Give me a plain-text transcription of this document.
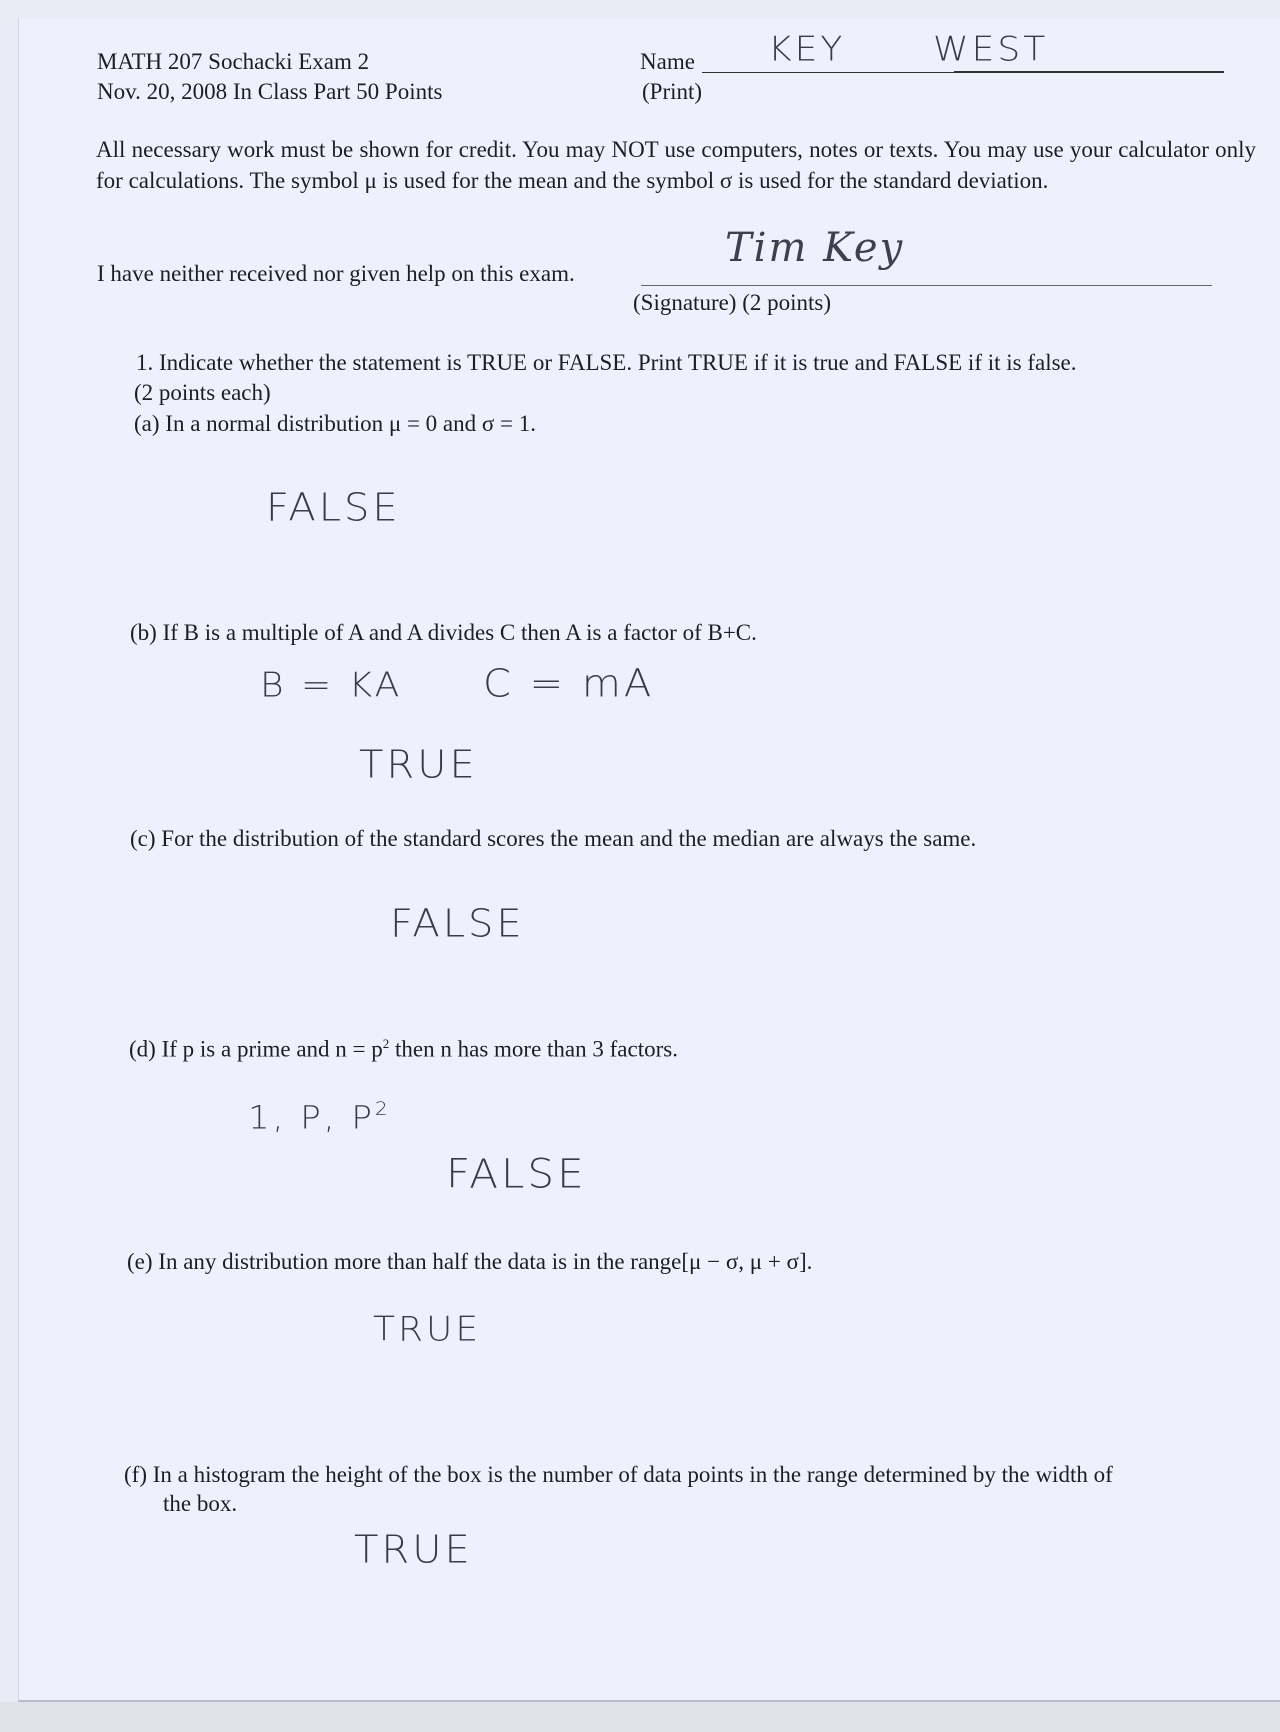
MATH 207 Sochacki Exam 2
Nov. 20, 2008 In Class Part 50 Points
Name
(Print)
KEY WEST
All necessary work must be shown for credit. You may NOT use computers, notes or texts. You may use your calculator only for calculations. The symbol μ is used for the mean and the symbol σ is used for the standard deviation.
I have neither received nor given help on this exam.
Tim Key
(Signature) (2 points)
1. Indicate whether the statement is TRUE or FALSE. Print TRUE if it is true and FALSE if it is false.
(2 points each)
(a) In a normal distribution μ = 0 and σ = 1.
FALSE
(b) If B is a multiple of A and A divides C then A is a factor of B+C.
B = KA C = mA
TRUE
(c) For the distribution of the standard scores the mean and the median are always the same.
FALSE
(d) If p is a prime and $n = p^2$ then n has more than 3 factors.
1, P, $P^2$
FALSE
(e) In any distribution more than half the data is in the range[μ − σ, μ + σ].
TRUE
(f) In a histogram the height of the box is the number of data points in the range determined by the width of
the box.
TRUE
